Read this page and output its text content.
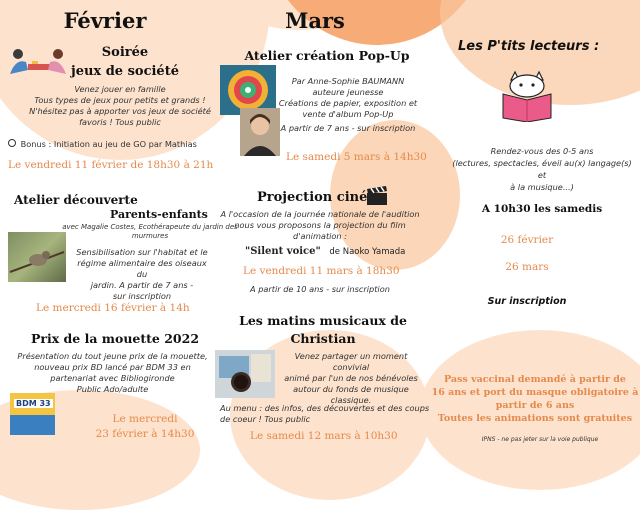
Février
Soirée
jeux de société
Venez jouer en famille
Tous types de jeux pour petits et grands !
N'hésitez pas à apporter vos jeux de société
favoris ! Tous public
Bonus : Initiation au jeu de GO par Mathias
Le vendredi 11 février de 18h30 à 21h
Atelier découverte
Parents-enfants
avec Magalie Costes, Ecothérapeute du jardin des
murmures
Sensibilisation sur l'habitat et le
régime alimentaire des oiseaux du
jardin. A partir de 7 ans -
sur inscription
Le mercredi 16 février à 14h
Prix de la mouette 2022
Présentation du tout jeune prix de la mouette,
nouveau prix BD lancé par BDM 33 en
partenariat avec Bibliogironde
Public Ado/adulte
BDM 33
Le mercredi
23 février à 14h30
Mars
Atelier création Pop-Up
Par Anne-Sophie BAUMANN
auteure jeunesse
Créations de papier, exposition et
vente d'album Pop-Up
A partir de 7 ans - sur inscription
Le samedi 5 mars à 14h30
Projection ciné
A l'occasion de la journée nationale de l'audition
nous vous proposons la projection du film
d'animation :
"Silent voice" de Naoko Yamada
Le vendredi 11 mars à 18h30
A partir de 10 ans - sur inscription
Les matins musicaux de
Christian
Venez partager un moment convivial
animé par l'un de nos bénévoles
autour du fonds de musique
classique.
Au menu : des infos, des découvertes et des coups
de coeur ! Tous public
Le samedi 12 mars à 10h30
Les P'tits lecteurs :
Rendez-vous des 0-5 ans
(lectures, spectacles, éveil au(x) langage(s) et
à la musique...)
A 10h30 les samedis
26 février
26 mars
Sur inscription
Pass vaccinal demandé à partir de
16 ans et port du masque obligatoire à
partir de 6 ans
Toutes les animations sont gratuites
IPNS - ne pas jeter sur la voie publique
